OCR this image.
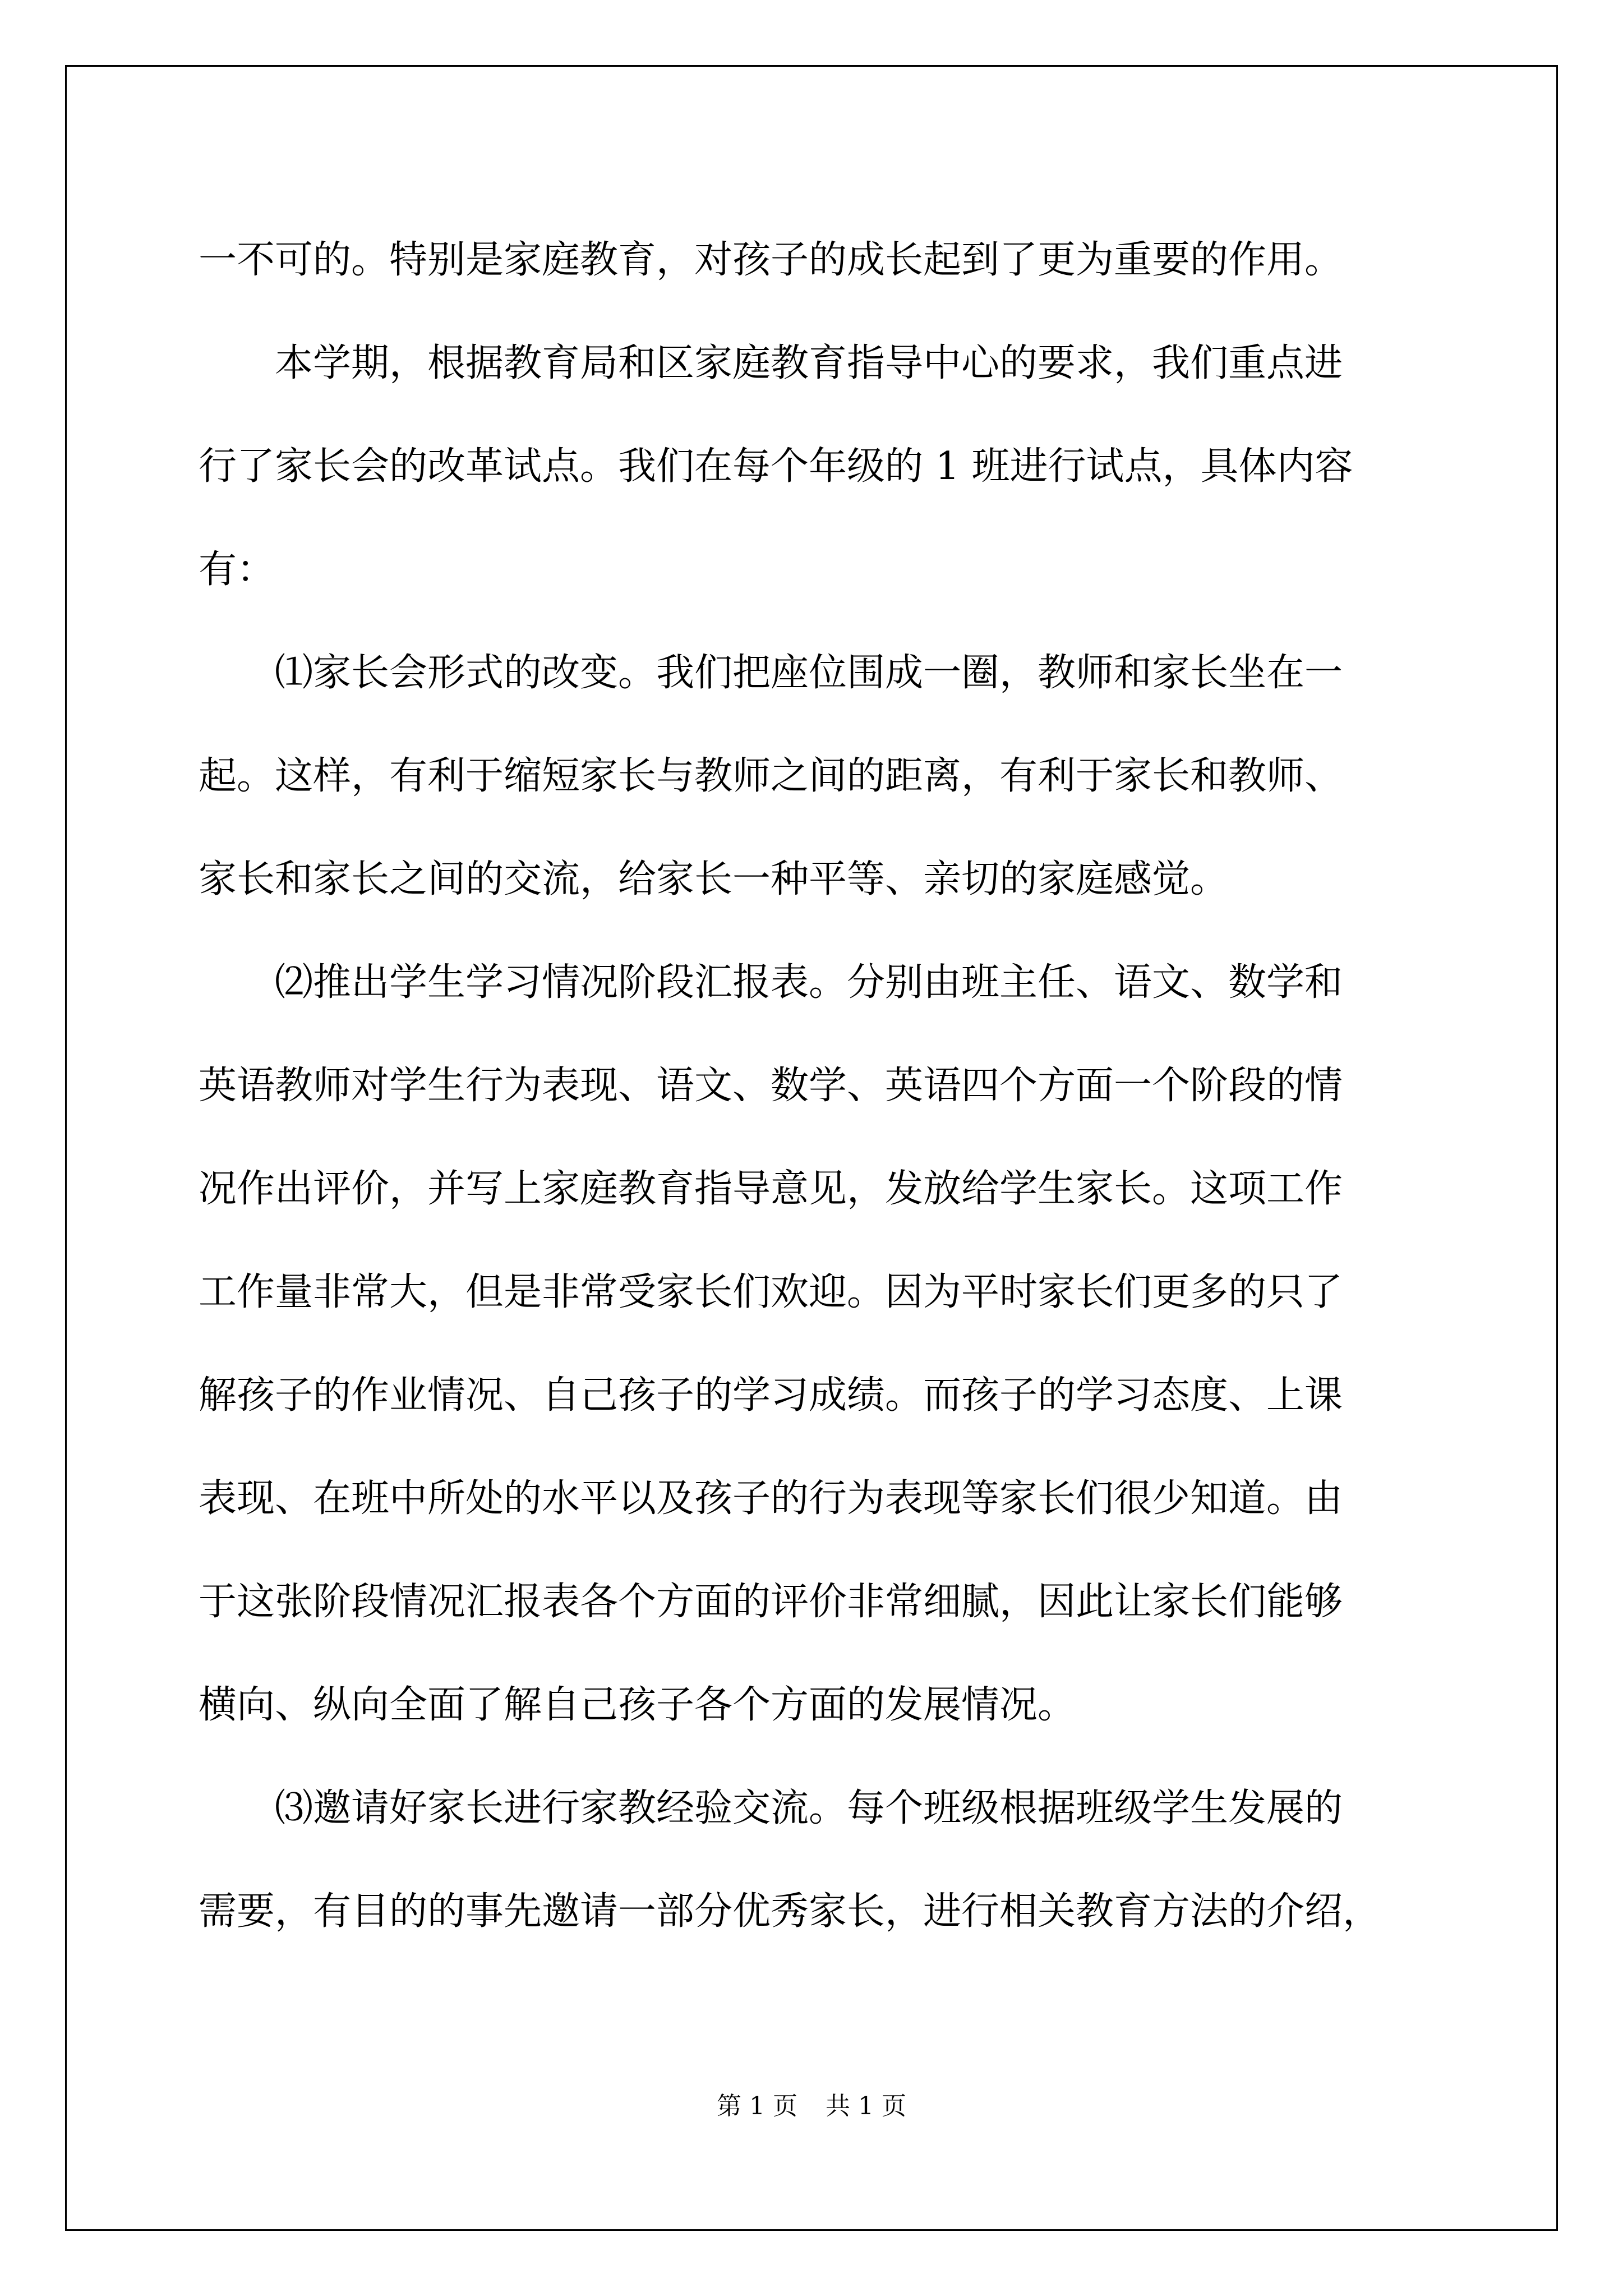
一不可的。特别是家庭教育，对孩子的成长起到了更为重要的作用。
本学期，根据教育局和区家庭教育指导中心的要求，我们重点进
行了家长会的改革试点。我们在每个年级的 1 班进行试点，具体内容
有：
⑴家长会形式的改变。我们把座位围成一圈，教师和家长坐在一
起。这样，有利于缩短家长与教师之间的距离，有利于家长和教师、
家长和家长之间的交流，给家长一种平等、亲切的家庭感觉。
⑵推出学生学习情况阶段汇报表。分别由班主任、语文、数学和
英语教师对学生行为表现、语文、数学、英语四个方面一个阶段的情
况作出评价，并写上家庭教育指导意见，发放给学生家长。这项工作
工作量非常大，但是非常受家长们欢迎。因为平时家长们更多的只了
解孩子的作业情况、自己孩子的学习成绩。而孩子的学习态度、上课
表现、在班中所处的水平以及孩子的行为表现等家长们很少知道。由
于这张阶段情况汇报表各个方面的评价非常细腻，因此让家长们能够
横向、纵向全面了解自己孩子各个方面的发展情况。
⑶邀请好家长进行家教经验交流。每个班级根据班级学生发展的
需要，有目的的事先邀请一部分优秀家长，进行相关教育方法的介绍，
第 1 页 共 1 页
